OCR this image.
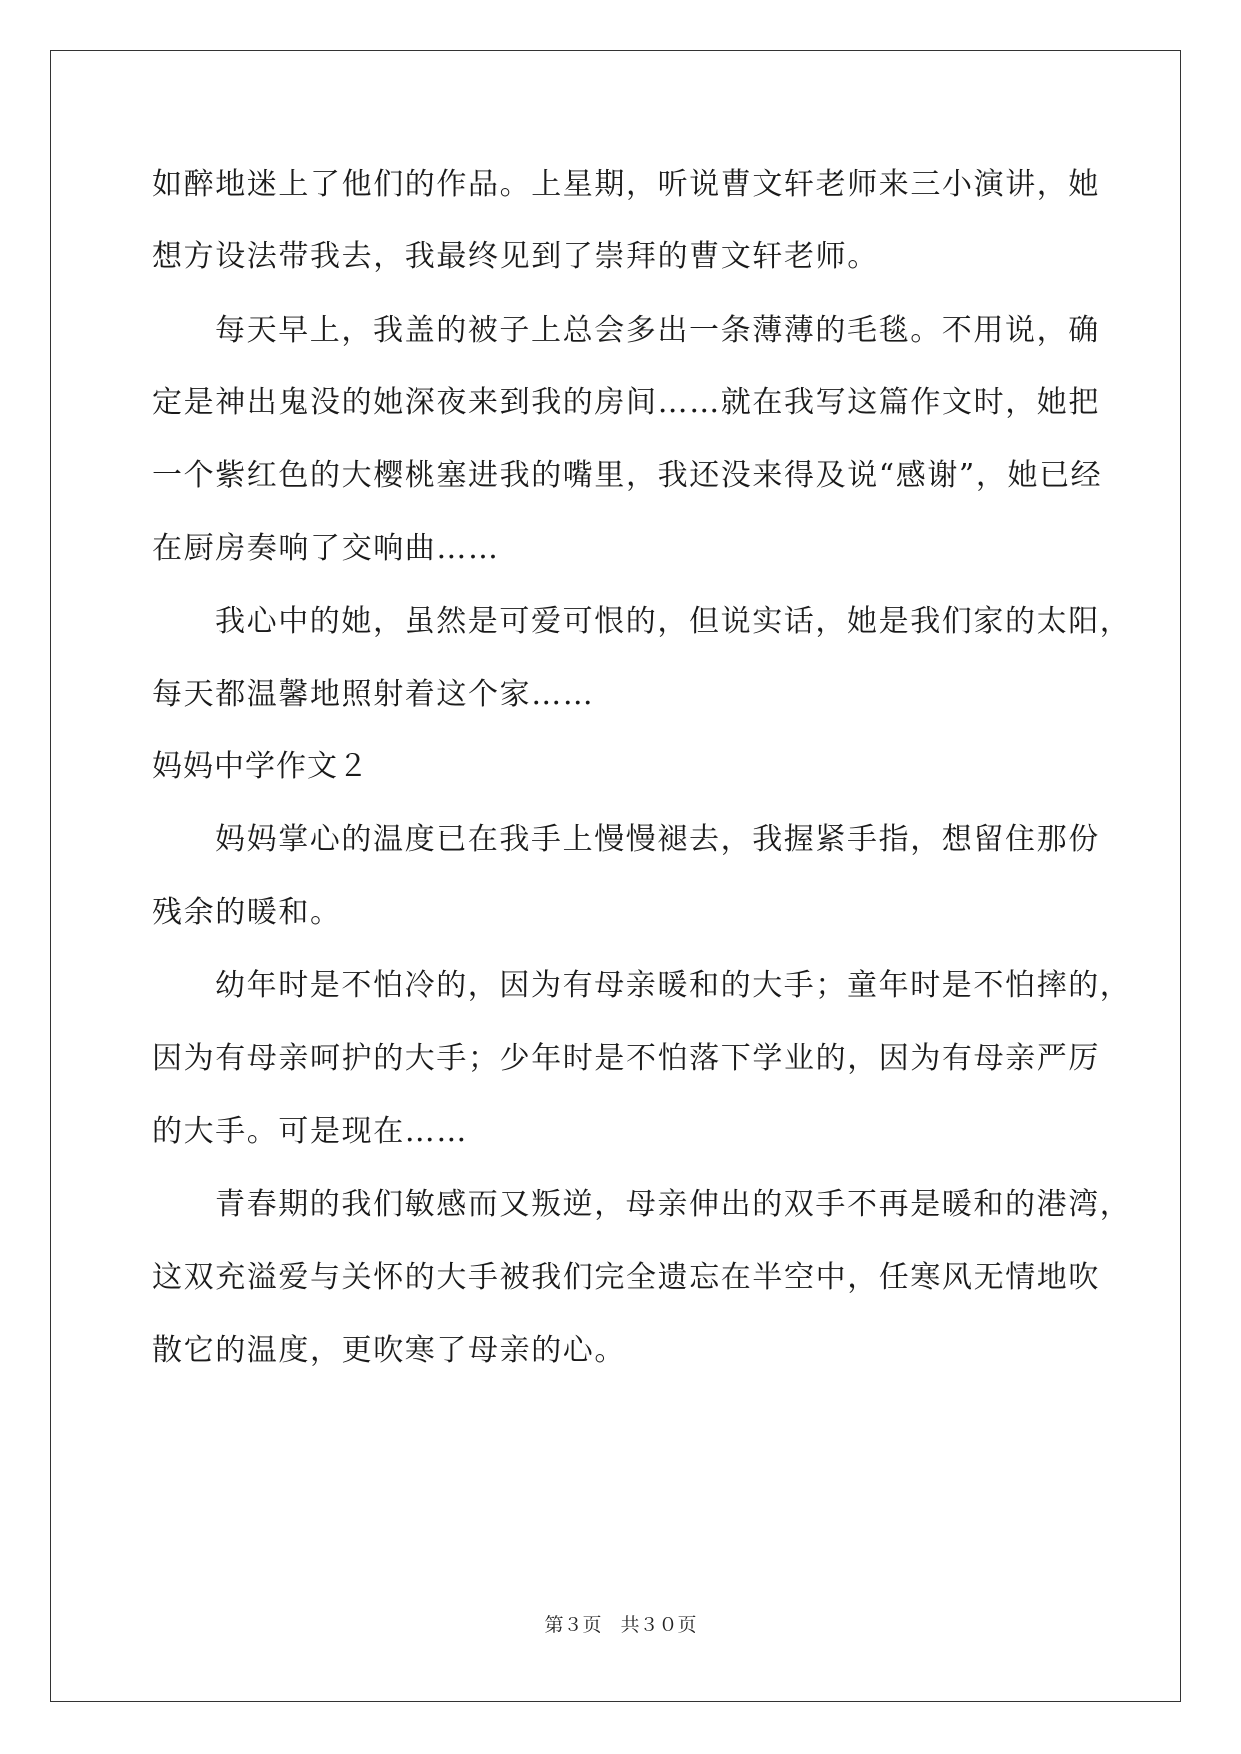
如醉地迷上了他们的作品。上星期，听说曹文轩老师来三小演讲，她
想方设法带我去，我最终见到了崇拜的曹文轩老师。
每天早上，我盖的被子上总会多出一条薄薄的毛毯。不用说，确
定是神出鬼没的她深夜来到我的房间……就在我写这篇作文时，她把
一个紫红色的大樱桃塞进我的嘴里，我还没来得及说“感谢”，她已经
在厨房奏响了交响曲……
我心中的她，虽然是可爱可恨的，但说实话，她是我们家的太阳，
每天都温馨地照射着这个家……
妈妈中学作文２
妈妈掌心的温度已在我手上慢慢褪去，我握紧手指，想留住那份
残余的暖和。
幼年时是不怕冷的，因为有母亲暖和的大手；童年时是不怕摔的，
因为有母亲呵护的大手；少年时是不怕落下学业的，因为有母亲严厉
的大手。可是现在……
青春期的我们敏感而又叛逆，母亲伸出的双手不再是暖和的港湾，
这双充溢爱与关怀的大手被我们完全遗忘在半空中，任寒风无情地吹
散它的温度，更吹寒了母亲的心。
第３页　共３０页
